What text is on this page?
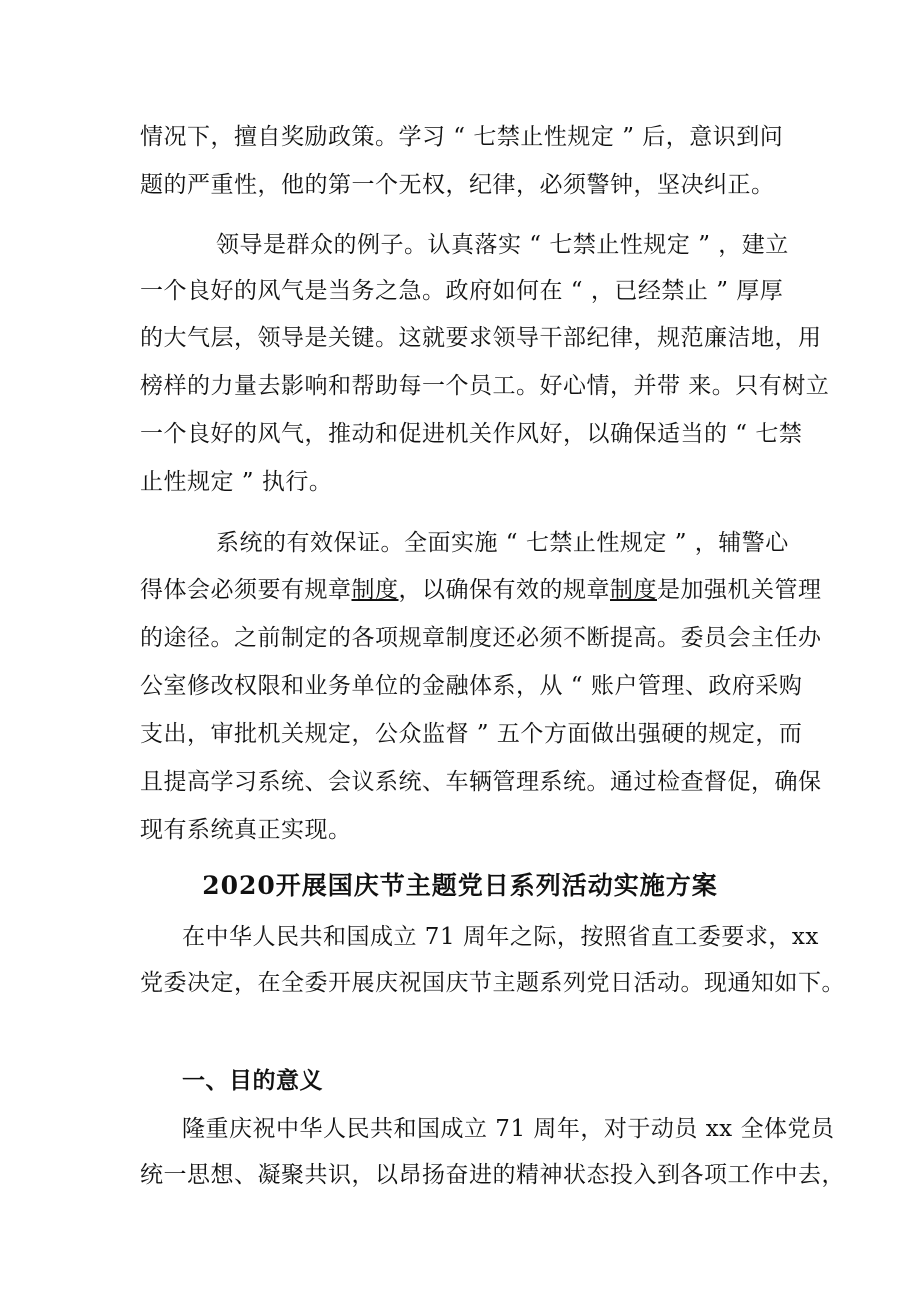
情况下，擅自奖励政策。学习 “ 七禁止性规定 ” 后，意识到问

题的严重性，他的第一个无权，纪律，必须警钟，坚决纠正。

领导是群众的例子。认真落实 “ 七禁止性规定 ” ，建立

一个良好的风气是当务之急。政府如何在 “ ，已经禁止 ” 厚厚

的大气层，领导是关键。这就要求领导干部纪律，规范廉洁地，用

榜样的力量去影响和帮助每一个员工。好心情，并带 来。只有树立

一个良好的风气，推动和促进机关作风好，以确保适当的 “ 七禁

止性规定 ” 执行。

系统的有效保证。全面实施 “ 七禁止性规定 ” ，辅警心

得体会必须要有规章制度，以确保有效的规章制度是加强机关管理

的途径。之前制定的各项规章制度还必须不断提高。委员会主任办

公室修改权限和业务单位的金融体系，从 “ 账户管理、政府采购

支出，审批机关规定，公众监督 ” 五个方面做出强硬的规定，而

且提高学习系统、会议系统、车辆管理系统。通过检查督促，确保

现有系统真正实现。

2020开展国庆节主题党日系列活动实施方案

在中华人民共和国成立 71 周年之际，按照省直工委要求，xx

党委决定，在全委开展庆祝国庆节主题系列党日活动。现通知如下。

一、目的意义

隆重庆祝中华人民共和国成立 71 周年，对于动员 xx 全体党员

统一思想、凝聚共识，以昂扬奋进的精神状态投入到各项工作中去，
